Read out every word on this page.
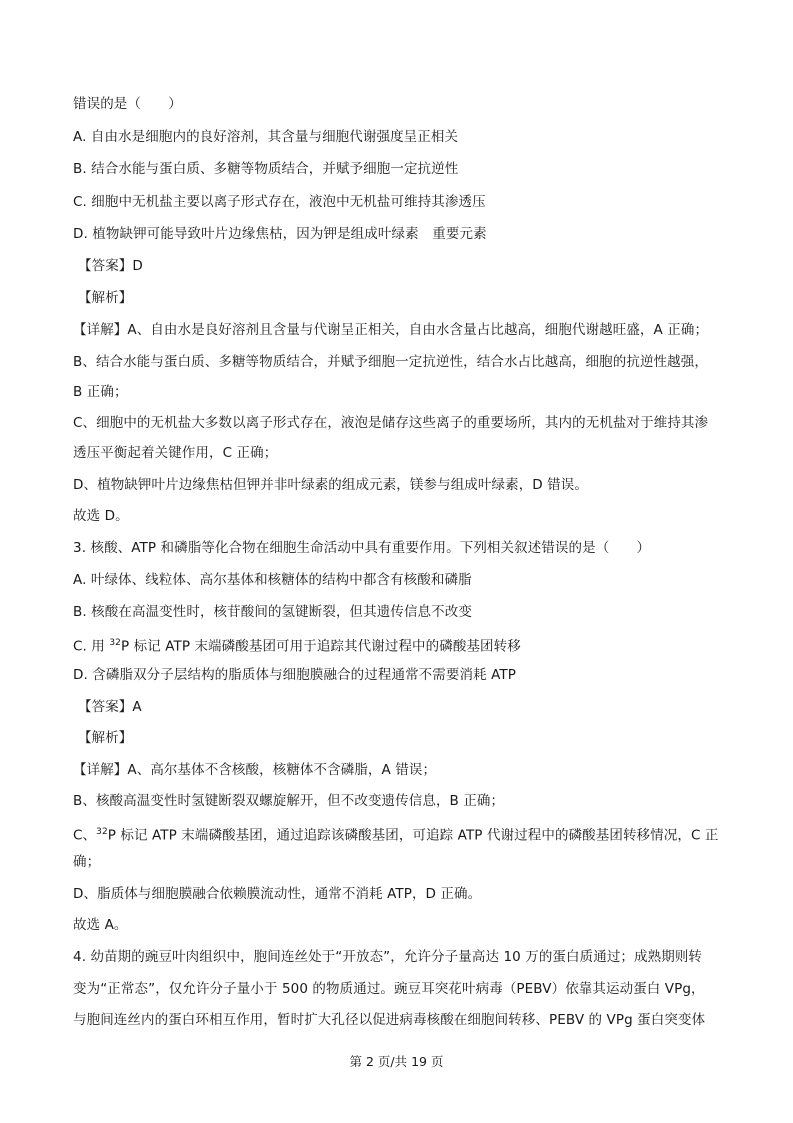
错误的是（　　）
A. 自由水是细胞内的良好溶剂，其含量与细胞代谢强度呈正相关
B. 结合水能与蛋白质、多糖等物质结合，并赋予细胞一定抗逆性
C. 细胞中无机盐主要以离子形式存在，液泡中无机盐可维持其渗透压
D. 植物缺钾可能导致叶片边缘焦枯，因为钾是组成叶绿素　重要元素
【答案】D
【解析】
【详解】A、自由水是良好溶剂且含量与代谢呈正相关，自由水含量占比越高，细胞代谢越旺盛，A 正确；
B、结合水能与蛋白质、多糖等物质结合，并赋予细胞一定抗逆性，结合水占比越高，细胞的抗逆性越强，
B 正确；
C、细胞中的无机盐大多数以离子形式存在，液泡是储存这些离子的重要场所，其内的无机盐对于维持其渗
透压平衡起着关键作用，C 正确；
D、植物缺钾叶片边缘焦枯但钾并非叶绿素的组成元素，镁参与组成叶绿素，D 错误。
故选 D。
3. 核酸、ATP 和磷脂等化合物在细胞生命活动中具有重要作用。下列相关叙述错误的是（　　）
A. 叶绿体、线粒体、高尔基体和核糖体的结构中都含有核酸和磷脂
B. 核酸在高温变性时，核苷酸间的氢键断裂，但其遗传信息不改变
C. 用 $^{32}$P 标记 ATP 末端磷酸基团可用于追踪其代谢过程中的磷酸基团转移
D. 含磷脂双分子层结构的脂质体与细胞膜融合的过程通常不需要消耗 ATP
【答案】A
【解析】
【详解】A、高尔基体不含核酸，核糖体不含磷脂，A 错误；
B、核酸高温变性时氢键断裂双螺旋解开，但不改变遗传信息，B 正确；
C、$^{32}$P 标记 ATP 末端磷酸基团，通过追踪该磷酸基团，可追踪 ATP 代谢过程中的磷酸基团转移情况，C 正
确；
D、脂质体与细胞膜融合依赖膜流动性，通常不消耗 ATP，D 正确。
故选 A。
4. 幼苗期的豌豆叶肉组织中，胞间连丝处于“开放态”，允许分子量高达 10 万的蛋白质通过；成熟期则转
变为“正常态”，仅允许分子量小于 500 的物质通过。豌豆耳突花叶病毒（PEBV）依靠其运动蛋白 VPg，
与胞间连丝内的蛋白环相互作用，暂时扩大孔径以促进病毒核酸在细胞间转移、PEBV 的 VPg 蛋白突变体
第 2 页/共 19 页
